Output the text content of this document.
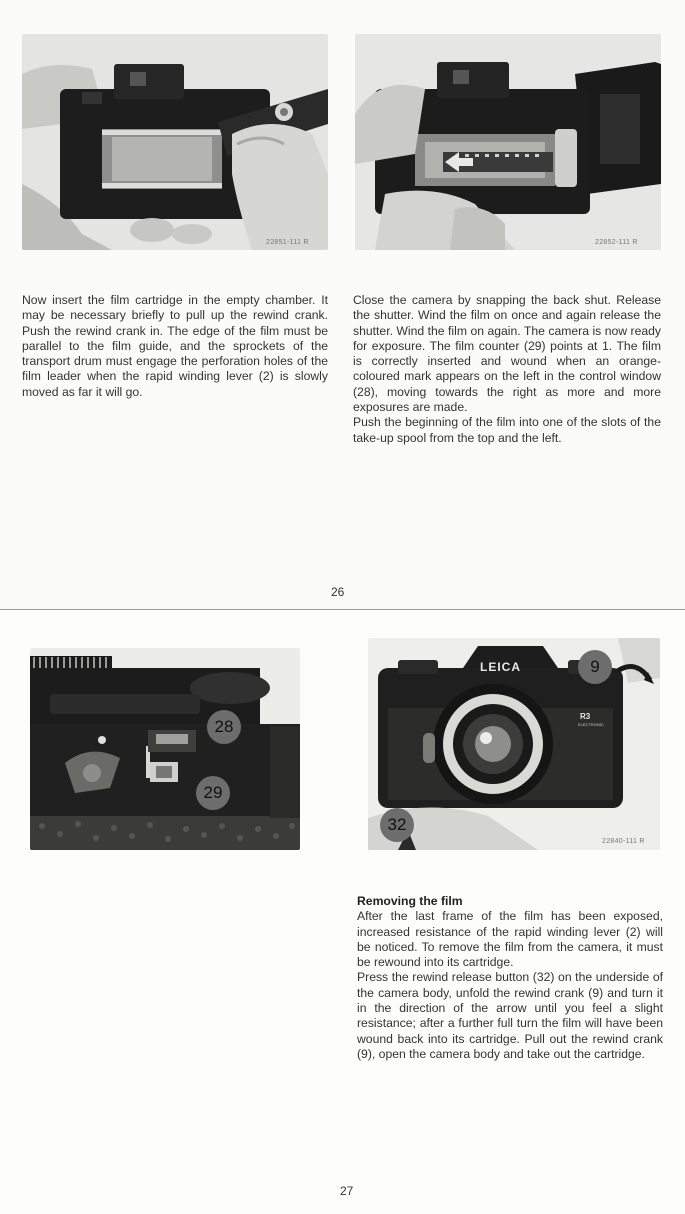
22851-111 R	22852-111 R

Now insert the film cartridge in the empty chamber. It may be necessary briefly to pull up the rewind crank. Push the rewind crank in. The edge of the film must be parallel to the film guide, and the sprockets of the transport drum must engage the perforation holes of the film leader when the rapid winding lever (2) is slowly moved as far it will go.

Close the camera by snapping the back shut. Release the shutter. Wind the film on once and again release the shutter. Wind the film on again. The camera is now ready for exposure. The film counter (29) points at 1. The film is correctly inserted and wound when an orange-coloured mark appears on the left in the control window (28), moving towards the right as more and more exposures are made.

Push the beginning of the film into one of the slots of the take-up spool from the top and the left.

26
28
29
LEICA
R3
ELECTRONIC
9
32
22840-111 R

Removing the film

After the last frame of the film has been exposed, increased resistance of the rapid winding lever (2) will be noticed. To remove the film from the camera, it must be rewound into its cartridge.

Press the rewind release button (32) on the underside of the camera body, unfold the rewind crank (9) and turn it in the direction of the arrow until you feel a slight resistance; after a further full turn the film will have been wound back into its cartridge. Pull out the rewind crank (9), open the camera body and take out the cartridge.

27
